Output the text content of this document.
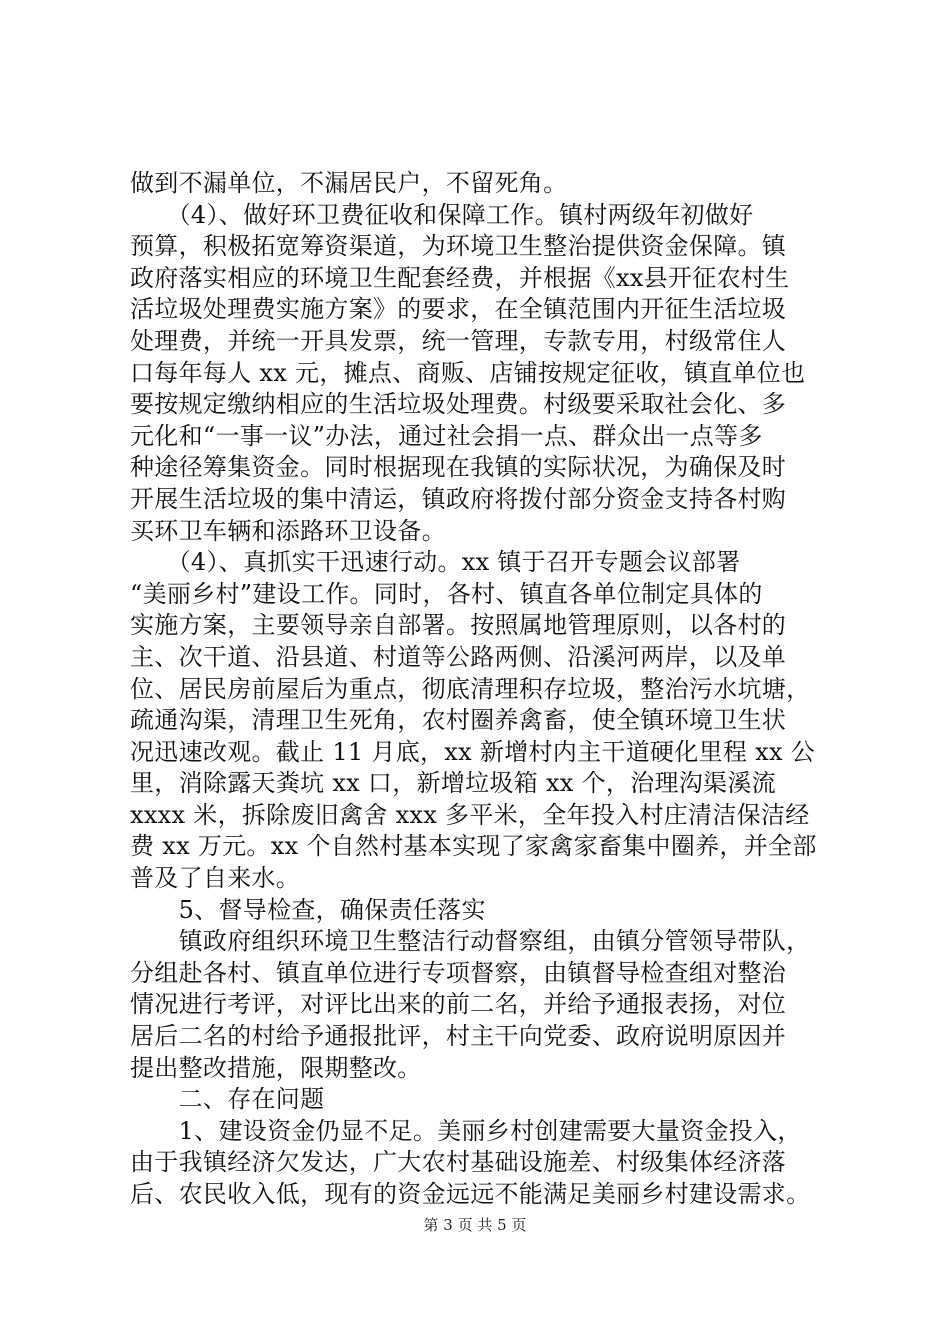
做到不漏单位，不漏居民户，不留死角。
　　（4）、做好环卫费征收和保障工作。镇村两级年初做好
预算，积极拓宽筹资渠道，为环境卫生整治提供资金保障。镇
政府落实相应的环境卫生配套经费，并根据《xx县开征农村生
活垃圾处理费实施方案》的要求，在全镇范围内开征生活垃圾
处理费，并统一开具发票，统一管理，专款专用，村级常住人
口每年每人 xx 元，摊点、商贩、店铺按规定征收，镇直单位也
要按规定缴纳相应的生活垃圾处理费。村级要采取社会化、多
元化和“一事一议”办法，通过社会捐一点、群众出一点等多
种途径筹集资金。同时根据现在我镇的实际状况，为确保及时
开展生活垃圾的集中清运，镇政府将拨付部分资金支持各村购
买环卫车辆和添路环卫设备。
　　（4）、真抓实干迅速行动。xx 镇于召开专题会议部署
“美丽乡村”建设工作。同时，各村、镇直各单位制定具体的
实施方案，主要领导亲自部署。按照属地管理原则，以各村的
主、次干道、沿县道、村道等公路两侧、沿溪河两岸，以及单
位、居民房前屋后为重点，彻底清理积存垃圾，整治污水坑塘，
疏通沟渠，清理卫生死角，农村圈养禽畜，使全镇环境卫生状
况迅速改观。截止 11 月底，xx 新增村内主干道硬化里程 xx 公
里，消除露天粪坑 xx 口，新增垃圾箱 xx 个，治理沟渠溪流
xxxx 米，拆除废旧禽舍 xxx 多平米，全年投入村庄清洁保洁经
费 xx 万元。xx 个自然村基本实现了家禽家畜集中圈养，并全部
普及了自来水。
　　5、督导检查，确保责任落实
　　镇政府组织环境卫生整洁行动督察组，由镇分管领导带队，
分组赴各村、镇直单位进行专项督察，由镇督导检查组对整治
情况进行考评，对评比出来的前二名，并给予通报表扬，对位
居后二名的村给予通报批评，村主干向党委、政府说明原因并
提出整改措施，限期整改。
　　二、存在问题
　　1、建设资金仍显不足。美丽乡村创建需要大量资金投入，
由于我镇经济欠发达，广大农村基础设施差、村级集体经济落
后、农民收入低，现有的资金远远不能满足美丽乡村建设需求。
第 3 页 共 5 页
